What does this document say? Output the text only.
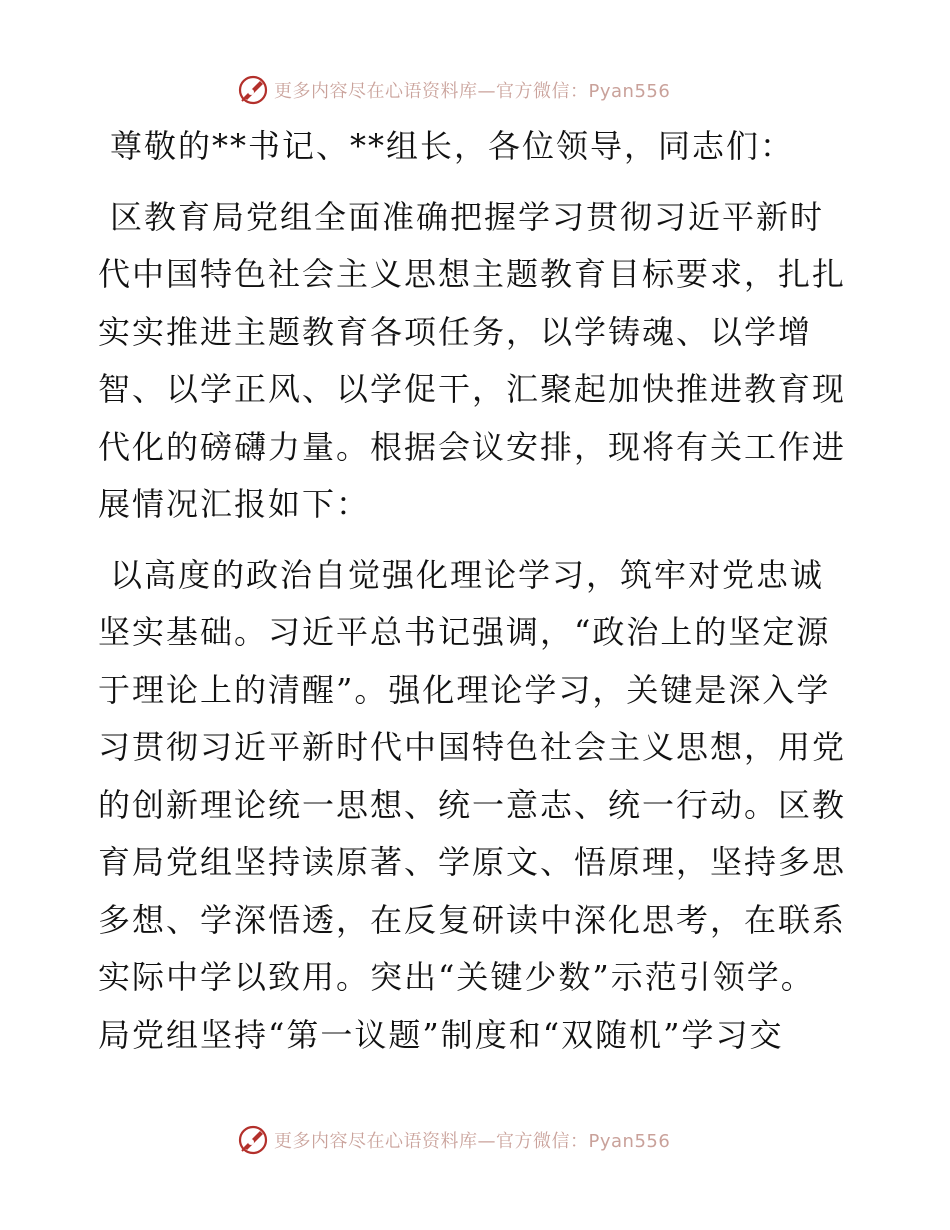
更多内容尽在心语资料库—官方微信：Pyan556
尊敬的**书记、**组长，各位领导，同志们：
区教育局党组全面准确把握学习贯彻习近平新时
代中国特色社会主义思想主题教育目标要求，扎扎
实实推进主题教育各项任务，以学铸魂、以学增
智、以学正风、以学促干，汇聚起加快推进教育现
代化的磅礴力量。根据会议安排，现将有关工作进
展情况汇报如下：
以高度的政治自觉强化理论学习，筑牢对党忠诚
坚实基础。习近平总书记强调，“政治上的坚定源
于理论上的清醒”。强化理论学习，关键是深入学
习贯彻习近平新时代中国特色社会主义思想，用党
的创新理论统一思想、统一意志、统一行动。区教
育局党组坚持读原著、学原文、悟原理，坚持多思
多想、学深悟透，在反复研读中深化思考，在联系
实际中学以致用。突出“关键少数”示范引领学。
局党组坚持“第一议题”制度和“双随机”学习交
更多内容尽在心语资料库—官方微信：Pyan556
